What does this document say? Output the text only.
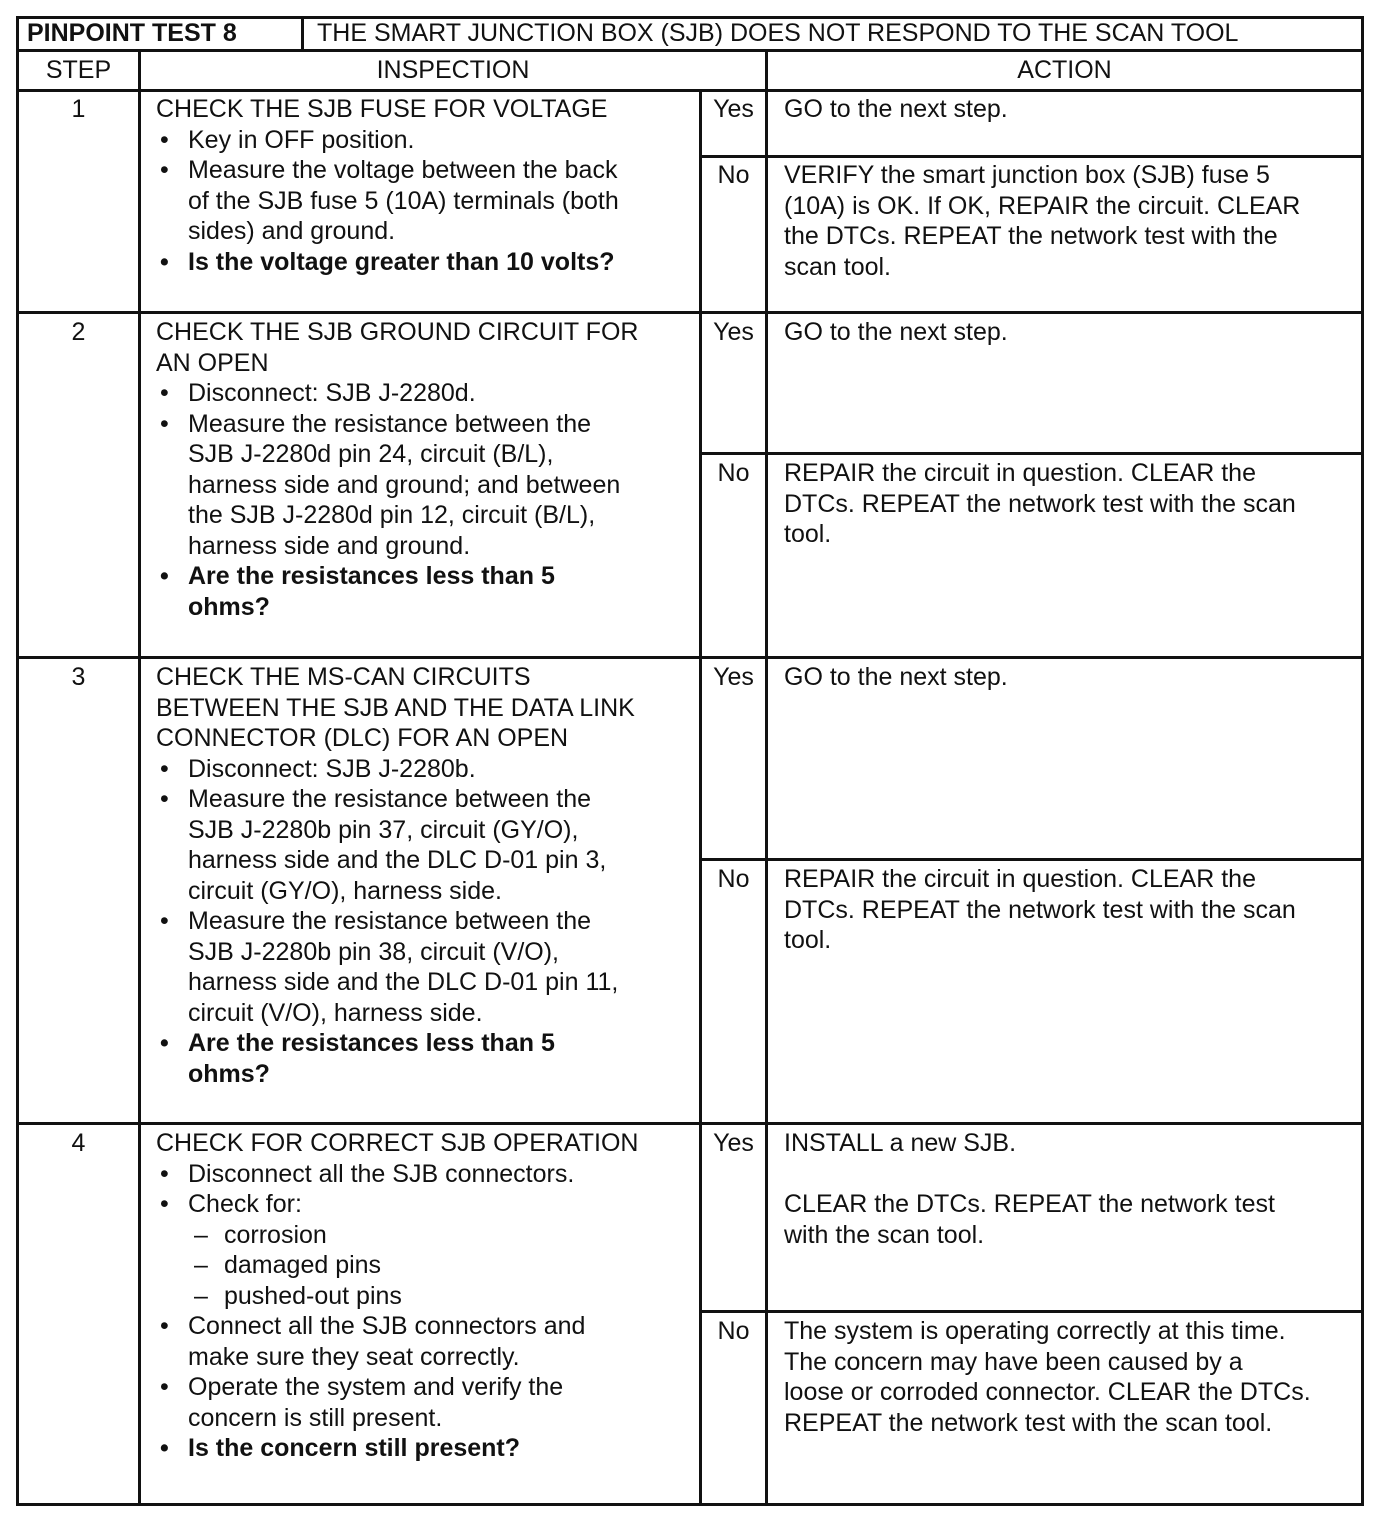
PINPOINT TEST 8	THE SMART JUNCTION BOX (SJB) DOES NOT RESPOND TO THE SCAN TOOL
STEP	INSPECTION	ACTION
1	CHECK THE SJB FUSE FOR VOLTAGE
• Key in OFF position.
• Measure the voltage between the back
of the SJB fuse 5 (10A) terminals (both
sides) and ground.
• Is the voltage greater than 10 volts?
Yes	GO to the next step.
No	VERIFY the smart junction box (SJB) fuse 5
(10A) is OK. If OK, REPAIR the circuit. CLEAR
the DTCs. REPEAT the network test with the
scan tool.
2	CHECK THE SJB GROUND CIRCUIT FOR
AN OPEN
• Disconnect: SJB J-2280d.
• Measure the resistance between the
SJB J-2280d pin 24, circuit (B/L),
harness side and ground; and between
the SJB J-2280d pin 12, circuit (B/L),
harness side and ground.
• Are the resistances less than 5
ohms?
Yes	GO to the next step.
No	REPAIR the circuit in question. CLEAR the
DTCs. REPEAT the network test with the scan
tool.
3	CHECK THE MS-CAN CIRCUITS
BETWEEN THE SJB AND THE DATA LINK
CONNECTOR (DLC) FOR AN OPEN
• Disconnect: SJB J-2280b.
• Measure the resistance between the
SJB J-2280b pin 37, circuit (GY/O),
harness side and the DLC D-01 pin 3,
circuit (GY/O), harness side.
• Measure the resistance between the
SJB J-2280b pin 38, circuit (V/O),
harness side and the DLC D-01 pin 11,
circuit (V/O), harness side.
• Are the resistances less than 5
ohms?
Yes	GO to the next step.
No	REPAIR the circuit in question. CLEAR the
DTCs. REPEAT the network test with the scan
tool.
4	CHECK FOR CORRECT SJB OPERATION
• Disconnect all the SJB connectors.
• Check for:
– corrosion
– damaged pins
– pushed-out pins
• Connect all the SJB connectors and
make sure they seat correctly.
• Operate the system and verify the
concern is still present.
• Is the concern still present?
Yes	INSTALL a new SJB.
CLEAR the DTCs. REPEAT the network test
with the scan tool.
No	The system is operating correctly at this time.
The concern may have been caused by a
loose or corroded connector. CLEAR the DTCs.
REPEAT the network test with the scan tool.
